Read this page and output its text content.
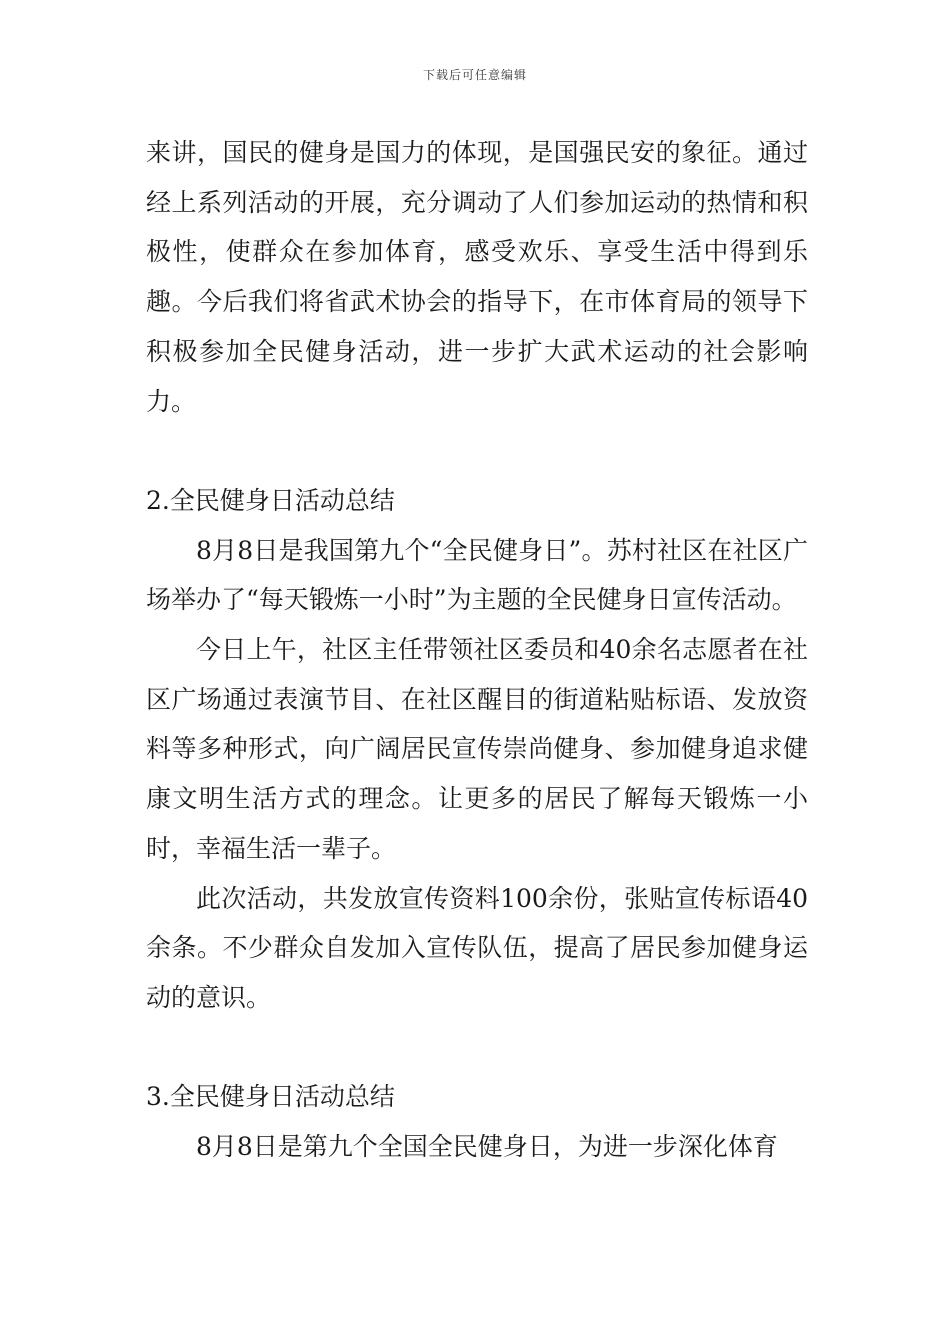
下载后可任意编辑

来讲，国民的健身是国力的体现，是国强民安的象征。通过经上系列活动的开展，充分调动了人们参加运动的热情和积极性，使群众在参加体育，感受欢乐、享受生活中得到乐趣。今后我们将省武术协会的指导下，在市体育局的领导下积极参加全民健身活动，进一步扩大武术运动的社会影响力。

2.全民健身日活动总结

8月8日是我国第九个“全民健身日”。苏村社区在社区广场举办了“每天锻炼一小时”为主题的全民健身日宣传活动。

今日上午，社区主任带领社区委员和40余名志愿者在社区广场通过表演节目、在社区醒目的街道粘贴标语、发放资料等多种形式，向广阔居民宣传崇尚健身、参加健身追求健康文明生活方式的理念。让更多的居民了解每天锻炼一小时，幸福生活一辈子。

此次活动，共发放宣传资料100余份，张贴宣传标语40余条。不少群众自发加入宣传队伍，提高了居民参加健身运动的意识。

3.全民健身日活动总结

8月8日是第九个全国全民健身日，为进一步深化体育
